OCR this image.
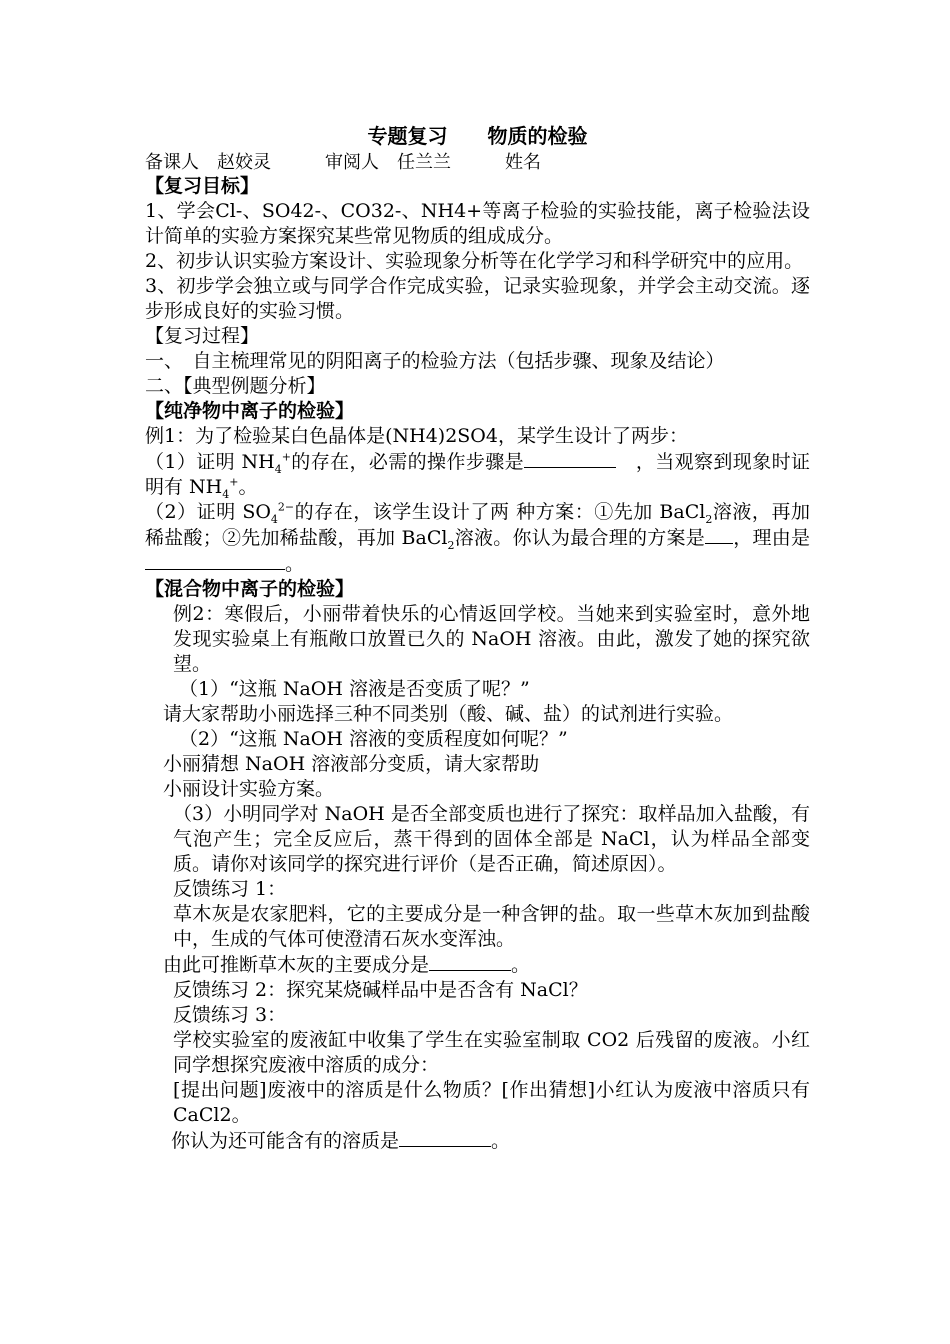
专题复习　　物质的检验
备课人　赵姣灵　　　审阅人　任兰兰　　　姓名
【复习目标】
1、学会Cl-、SO42-、CO32-、NH4+等离子检验的实验技能，离子检验法设计简单的实验方案探究某些常见物质的组成成分。
2、初步认识实验方案设计、实验现象分析等在化学学习和科学研究中的应用。
3、初步学会独立或与同学合作完成实验，记录实验现象，并学会主动交流。逐步形成良好的实验习惯。
【复习过程】
一、　 自主梳理常见的阴阳离子的检验方法（包括步骤、现象及结论）
二、【典型例题分析】
【纯净物中离子的检验】
例1：为了检验某白色晶体是(NH4)2SO4，某学生设计了两步：
（1）证明 $NH_4^+$的存在，必需的操作步骤是　	，当观察到现象时证明有 $NH_4^+$。
（2）证明 $SO_4^{2-}$的存在，该学生设计了两 种方案：①先加 BaCl$_2$溶液，再加稀盐酸；②先加稀盐酸，再加 BaCl$_2$溶液。你认为最合理的方案是 ，理由是。
【混合物中离子的检验】
例2：寒假后，小丽带着快乐的心情返回学校。当她来到实验室时，意外地发现实验桌上有瓶敞口放置已久的 NaOH 溶液。由此，激发了她的探究欲望。
（1）“这瓶 NaOH 溶液是否变质了呢？”
请大家帮助小丽选择三种不同类别（酸、碱、盐）的试剂进行实验。
（2）“这瓶 NaOH 溶液的变质程度如何呢？”
小丽猜想 NaOH 溶液部分变质，请大家帮助
小丽设计实验方案。
（3）小明同学对 NaOH 是否全部变质也进行了探究：取样品加入盐酸，有气泡产生；完全反应后，蒸干得到的固体全部是 NaCl，认为样品全部变质。请你对该同学的探究进行评价（是否正确，简述原因）。
反馈练习 1：
草木灰是农家肥料，它的主要成分是一种含钾的盐。取一些草木灰加到盐酸中，生成的气体可使澄清石灰水变浑浊。
由此可推断草木灰的主要成分是	。
反馈练习 2：探究某烧碱样品中是否含有 NaCl？
反馈练习 3：
学校实验室的废液缸中收集了学生在实验室制取 CO2 后残留的废液。小红同学想探究废液中溶质的成分：
[提出问题]废液中的溶质是什么物质？[作出猜想]小红认为废液中溶质只有 CaCl2。
你认为还可能含有的溶质是	。
